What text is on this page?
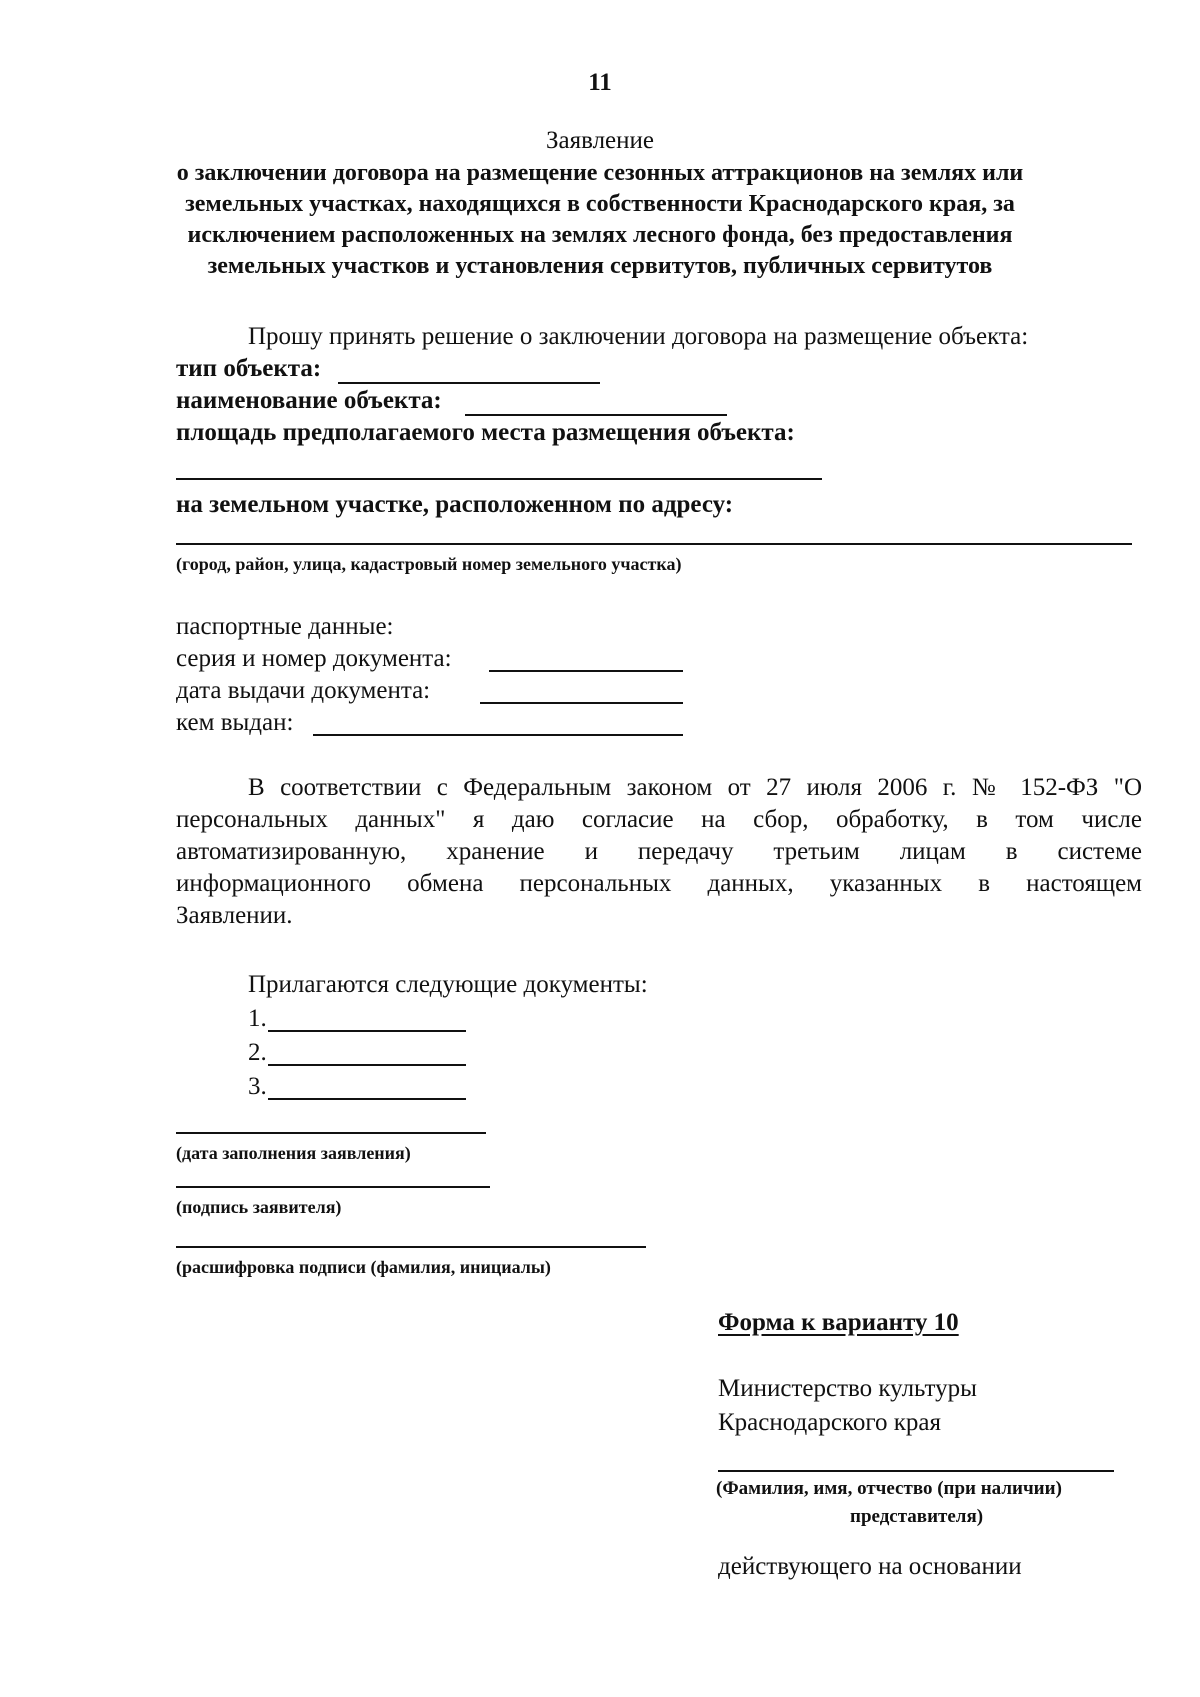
11
Заявление
о заключении договора на размещение сезонных аттракционов на землях или
земельных участках, находящихся в собственности Краснодарского края, за
исключением расположенных на землях лесного фонда, без предоставления
земельных участков и установления сервитутов, публичных сервитутов
Прошу принять решение о заключении договора на размещение объекта:
тип объекта:
наименование объекта:
площадь предполагаемого места размещения объекта:
на земельном участке, расположенном по адресу:
(город, район, улица, кадастровый номер земельного участка)
паспортные данные:
серия и номер документа:
дата выдачи документа:
кем выдан:
В соответствии с Федеральным законом от 27 июля 2006 г. № 152-ФЗ "О
персональных данных" я даю согласие на сбор, обработку, в том числе
автоматизированную, хранение и передачу третьим лицам в системе
информационного обмена персональных данных, указанных в настоящем
Заявлении.
Прилагаются следующие документы:
1.
2.
3.
(дата заполнения заявления)
(подпись заявителя)
(расшифровка подписи (фамилия, инициалы)
Форма к варианту 10
Министерство культуры
Краснодарского края
(Фамилия, имя, отчество (при наличии)
представителя)
действующего на основании
